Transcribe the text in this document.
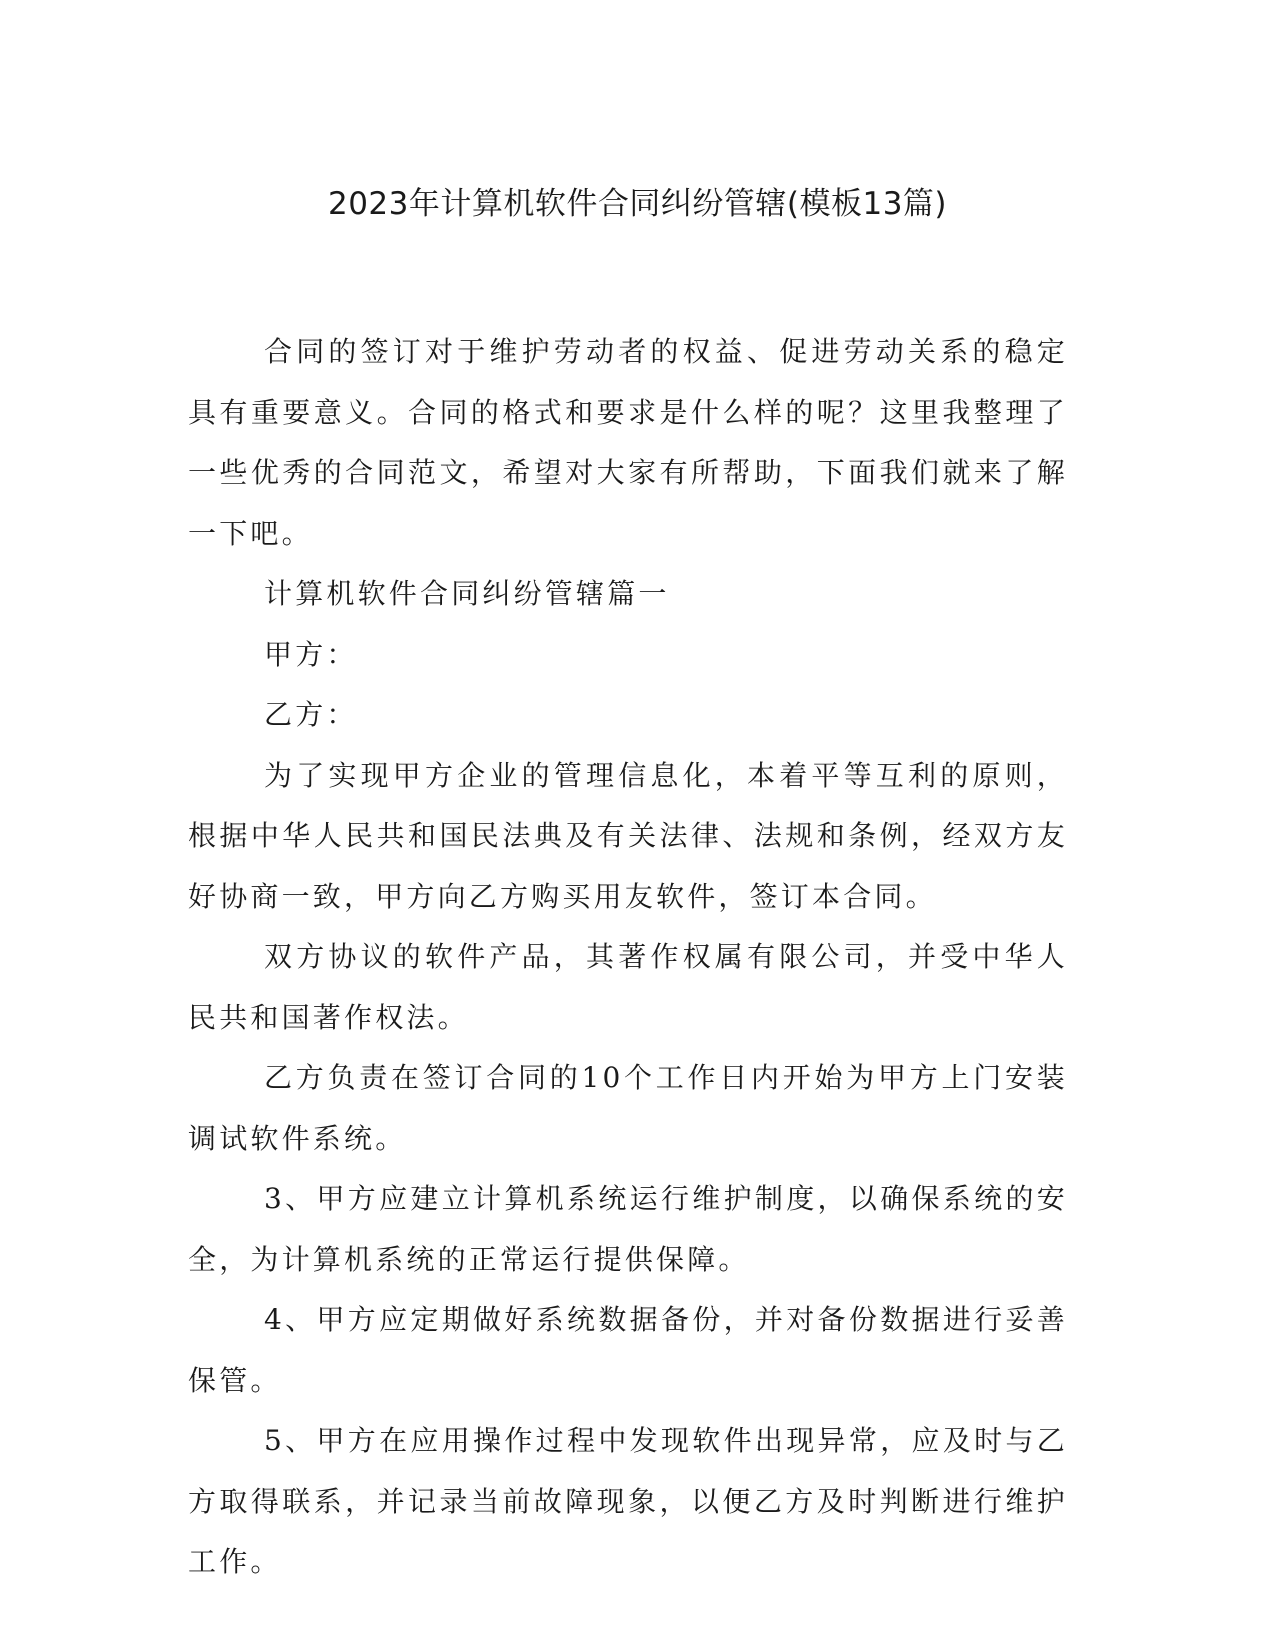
2023年计算机软件合同纠纷管辖(模板13篇)

合同的签订对于维护劳动者的权益、促进劳动关系的稳定具有重要意义。合同的格式和要求是什么样的呢？这里我整理了一些优秀的合同范文，希望对大家有所帮助，下面我们就来了解一下吧。

计算机软件合同纠纷管辖篇一

甲方：

乙方：

为了实现甲方企业的管理信息化，本着平等互利的原则，根据中华人民共和国民法典及有关法律、法规和条例，经双方友好协商一致，甲方向乙方购买用友软件，签订本合同。

双方协议的软件产品，其著作权属有限公司，并受中华人民共和国著作权法。

乙方负责在签订合同的10个工作日内开始为甲方上门安装调试软件系统。

3、甲方应建立计算机系统运行维护制度，以确保系统的安全，为计算机系统的正常运行提供保障。

4、甲方应定期做好系统数据备份，并对备份数据进行妥善保管。

5、甲方在应用操作过程中发现软件出现异常，应及时与乙方取得联系，并记录当前故障现象，以便乙方及时判断进行维护工作。
